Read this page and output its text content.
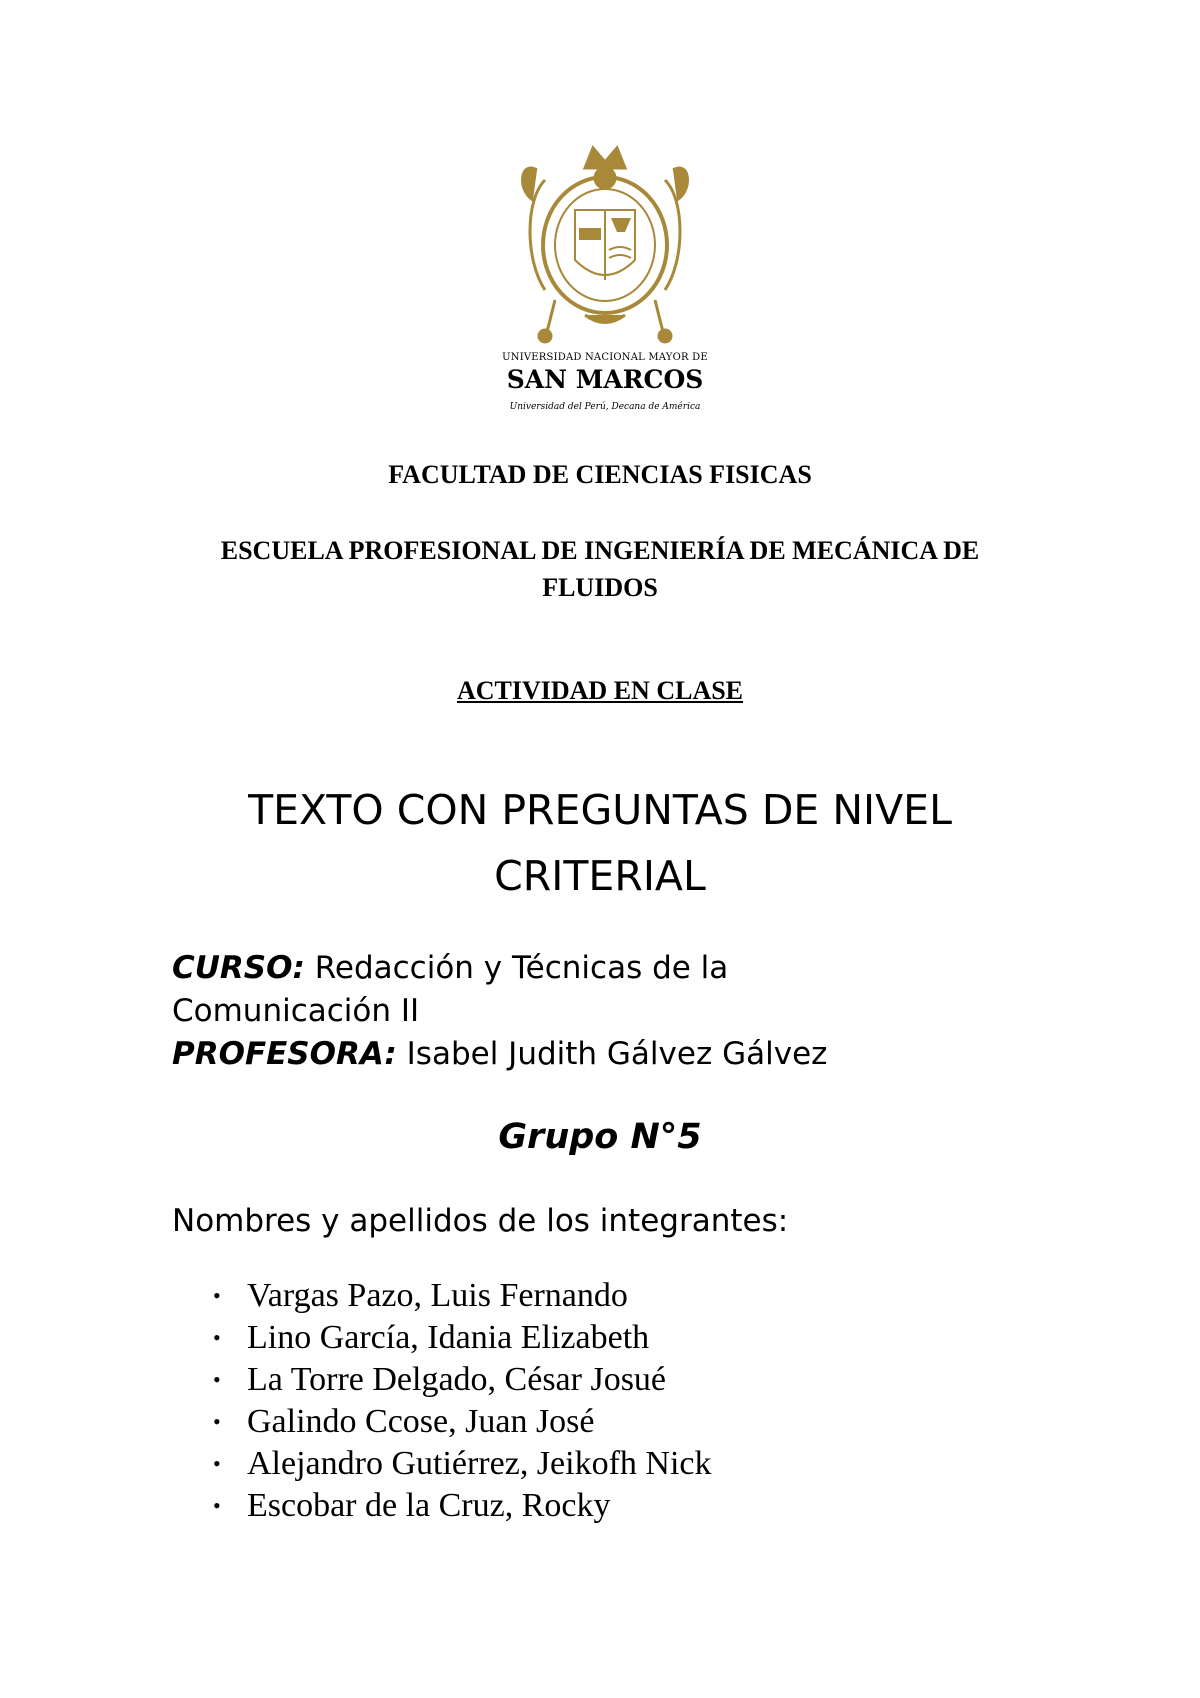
UNIVERSIDAD NACIONAL MAYOR DE
SAN MARCOS
Universidad del Perú, Decana de América
FACULTAD DE CIENCIAS FISICAS
ESCUELA PROFESIONAL DE INGENIERÍA DE MECÁNICA DE
FLUIDOS
ACTIVIDAD EN CLASE
TEXTO CON PREGUNTAS DE NIVEL
CRITERIAL
CURSO: Redacción y Técnicas de la
Comunicación II
PROFESORA: Isabel Judith Gálvez Gálvez
Grupo N°5
Nombres y apellidos de los integrantes:
• Vargas Pazo, Luis Fernando
• Lino García, Idania Elizabeth
• La Torre Delgado, César Josué
• Galindo Ccose, Juan José
• Alejandro Gutiérrez, Jeikofh Nick
• Escobar de la Cruz, Rocky
